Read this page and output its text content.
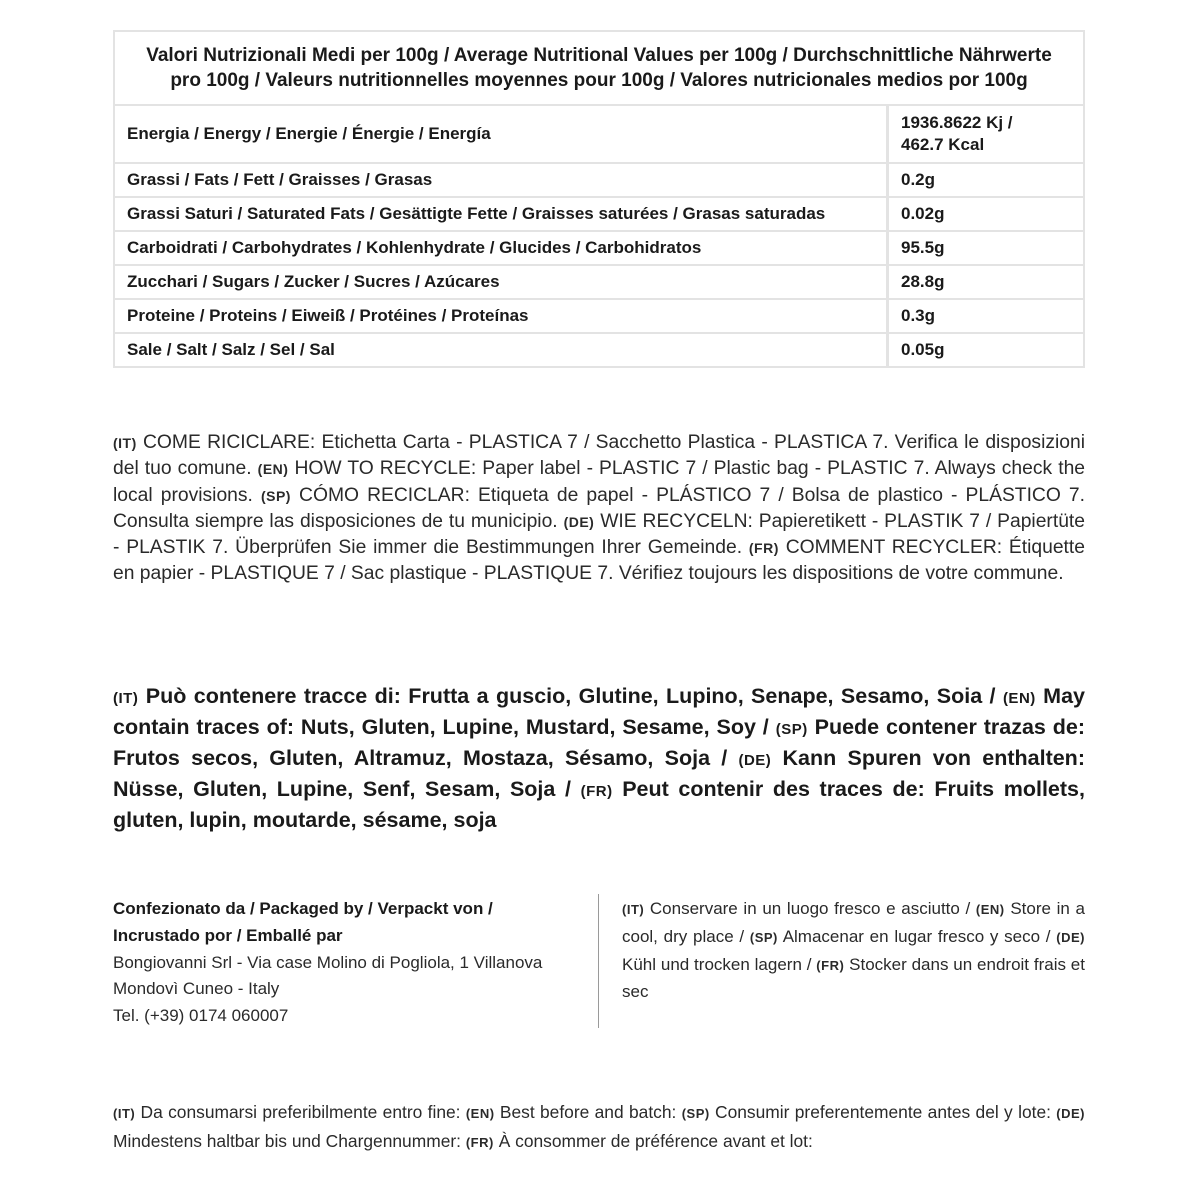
Valori Nutrizionali Medi per 100g / Average Nutritional Values per 100g / Durchschnittliche Nährwerte
pro 100g / Valeurs nutritionnelles moyennes pour 100g / Valores nutricionales medios por 100g	
Energia / Energy / Energie / Énergie / Energía	1936.8622 Kj /
462.7 Kcal
Grassi / Fats / Fett / Graisses / Grasas	0.2g
Grassi Saturi / Saturated Fats / Gesättigte Fette / Graisses saturées / Grasas saturadas	0.02g
Carboidrati / Carbohydrates / Kohlenhydrate / Glucides / Carbohidratos	95.5g
Zucchari / Sugars / Zucker / Sucres / Azúcares	28.8g
Proteine / Proteins / Eiweiß / Protéines / Proteínas	0.3g
Sale / Salt / Salz / Sel / Sal	0.05g

(IT) COME RICICLARE: Etichetta Carta - PLASTICA 7 / Sacchetto Plastica - PLASTICA 7. Verifica le disposizioni del tuo comune. (EN) HOW TO RECYCLE: Paper label - PLASTIC 7 / Plastic bag - PLASTIC 7. Always check the local provisions. (SP) CÓMO RECICLAR: Etiqueta de papel - PLÁSTICO 7 / Bolsa de plastico - PLÁSTICO 7. Consulta siempre las disposiciones de tu municipio. (DE) WIE RECYCELN: Papieretikett - PLASTIK 7 / Papiertüte - PLASTIK 7. Überprüfen Sie immer die Bestimmungen Ihrer Gemeinde. (FR) COMMENT RECYCLER: Étiquette en papier - PLASTIQUE 7 / Sac plastique - PLASTIQUE 7. Vérifiez toujours les dispositions de votre commune.

(IT) Può contenere tracce di: Frutta a guscio, Glutine, Lupino, Senape, Sesamo, Soia / (EN) May contain traces of: Nuts, Gluten, Lupine, Mustard, Sesame, Soy / (SP) Puede contener trazas de: Frutos secos, Gluten, Altramuz, Mostaza, Sésamo, Soja / (DE) Kann Spuren von enthalten: Nüsse, Gluten, Lupine, Senf, Sesam, Soja / (FR) Peut contenir des traces de: Fruits mollets, gluten, lupin, moutarde, sésame, soja

Confezionato da / Packaged by / Verpackt von /
Incrustado por / Emballé par
Bongiovanni Srl - Via case Molino di Pogliola, 1 Villanova
Mondovì Cuneo - Italy
Tel. (+39) 0174 060007

(IT) Conservare in un luogo fresco e asciutto / (EN) Store in a cool, dry place / (SP) Almacenar en lugar fresco y seco / (DE) Kühl und trocken lagern / (FR) Stocker dans un endroit frais et sec

(IT) Da consumarsi preferibilmente entro fine: (EN) Best before and batch: (SP) Consumir preferentemente antes del y lote: (DE) Mindestens haltbar bis und Chargennummer: (FR) À consommer de préférence avant et lot:
